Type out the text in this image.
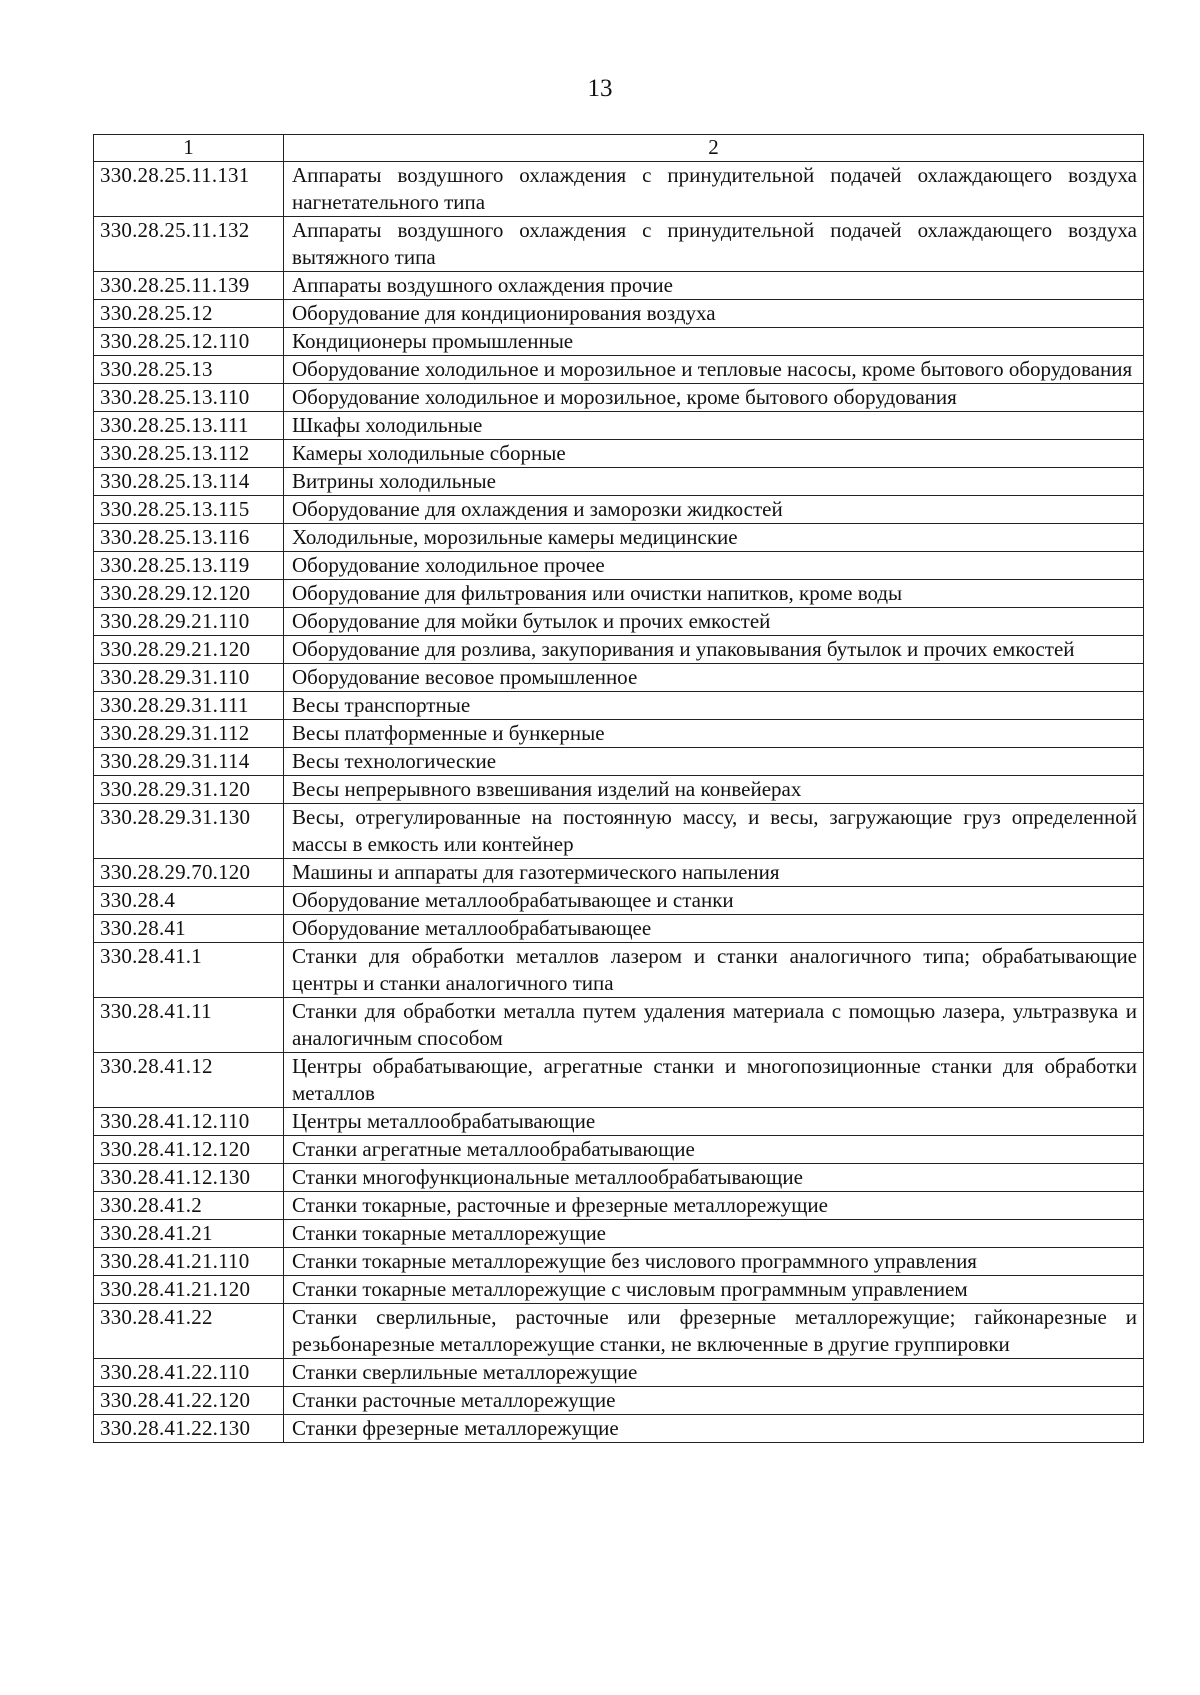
13
1	2
330.28.25.11.131	Аппараты воздушного охлаждения с принудительной подачей охлаждающего воздуха нагнетательного типа
330.28.25.11.132	Аппараты воздушного охлаждения с принудительной подачей охлаждающего воздуха вытяжного типа
330.28.25.11.139	Аппараты воздушного охлаждения прочие
330.28.25.12	Оборудование для кондиционирования воздуха
330.28.25.12.110	Кондиционеры промышленные
330.28.25.13	Оборудование холодильное и морозильное и тепловые насосы, кроме бытового оборудования
330.28.25.13.110	Оборудование холодильное и морозильное, кроме бытового оборудования
330.28.25.13.111	Шкафы холодильные
330.28.25.13.112	Камеры холодильные сборные
330.28.25.13.114	Витрины холодильные
330.28.25.13.115	Оборудование для охлаждения и заморозки жидкостей
330.28.25.13.116	Холодильные, морозильные камеры медицинские
330.28.25.13.119	Оборудование холодильное прочее
330.28.29.12.120	Оборудование для фильтрования или очистки напитков, кроме воды
330.28.29.21.110	Оборудование для мойки бутылок и прочих емкостей
330.28.29.21.120	Оборудование для розлива, закупоривания и упаковывания бутылок и прочих емкостей
330.28.29.31.110	Оборудование весовое промышленное
330.28.29.31.111	Весы транспортные
330.28.29.31.112	Весы платформенные и бункерные
330.28.29.31.114	Весы технологические
330.28.29.31.120	Весы непрерывного взвешивания изделий на конвейерах
330.28.29.31.130	Весы, отрегулированные на постоянную массу, и весы, загружающие груз определенной массы в емкость или контейнер
330.28.29.70.120	Машины и аппараты для газотермического напыления
330.28.4	Оборудование металлообрабатывающее и станки
330.28.41	Оборудование металлообрабатывающее
330.28.41.1	Станки для обработки металлов лазером и станки аналогичного типа; обрабатывающие центры и станки аналогичного типа
330.28.41.11	Станки для обработки металла путем удаления материала с помощью лазера, ультразвука и аналогичным способом
330.28.41.12	Центры обрабатывающие, агрегатные станки и многопозиционные станки для обработки металлов
330.28.41.12.110	Центры металлообрабатывающие
330.28.41.12.120	Станки агрегатные металлообрабатывающие
330.28.41.12.130	Станки многофункциональные металлообрабатывающие
330.28.41.2	Станки токарные, расточные и фрезерные металлорежущие
330.28.41.21	Станки токарные металлорежущие
330.28.41.21.110	Станки токарные металлорежущие без числового программного управления
330.28.41.21.120	Станки токарные металлорежущие с числовым программным управлением
330.28.41.22	Станки сверлильные, расточные или фрезерные металлорежущие; гайконарезные и резьбонарезные металлорежущие станки, не включенные в другие группировки
330.28.41.22.110	Станки сверлильные металлорежущие
330.28.41.22.120	Станки расточные металлорежущие
330.28.41.22.130	Станки фрезерные металлорежущие
